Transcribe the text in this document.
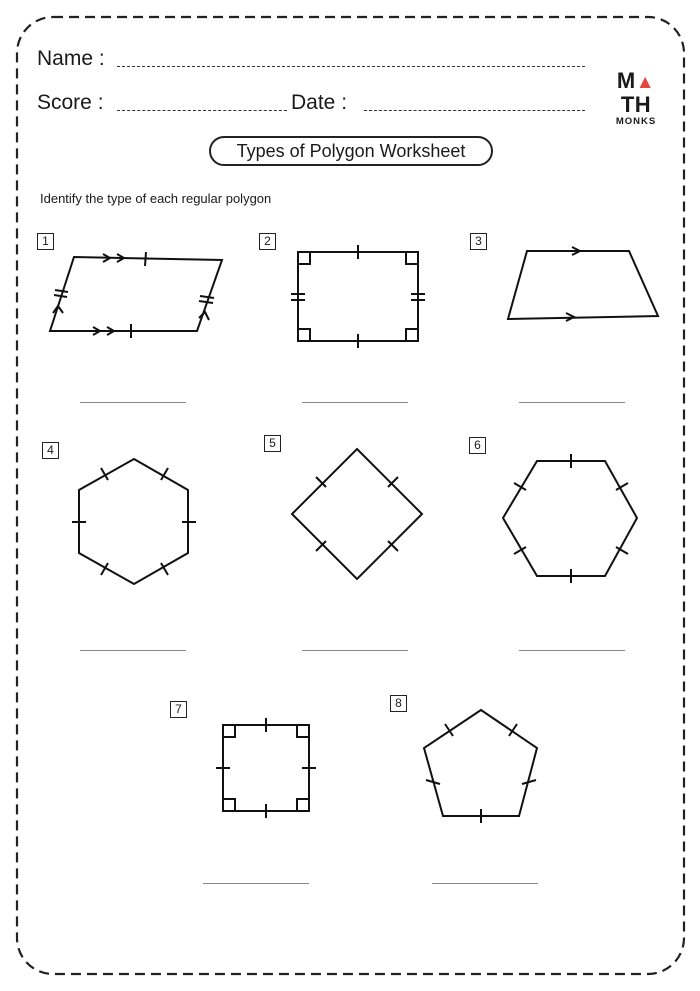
Name :
Score :	Date :
M▲TH
MONKS
Types of Polygon Worksheet
Identify the type of each regular polygon
1	2	3
4	5	6
7	8
